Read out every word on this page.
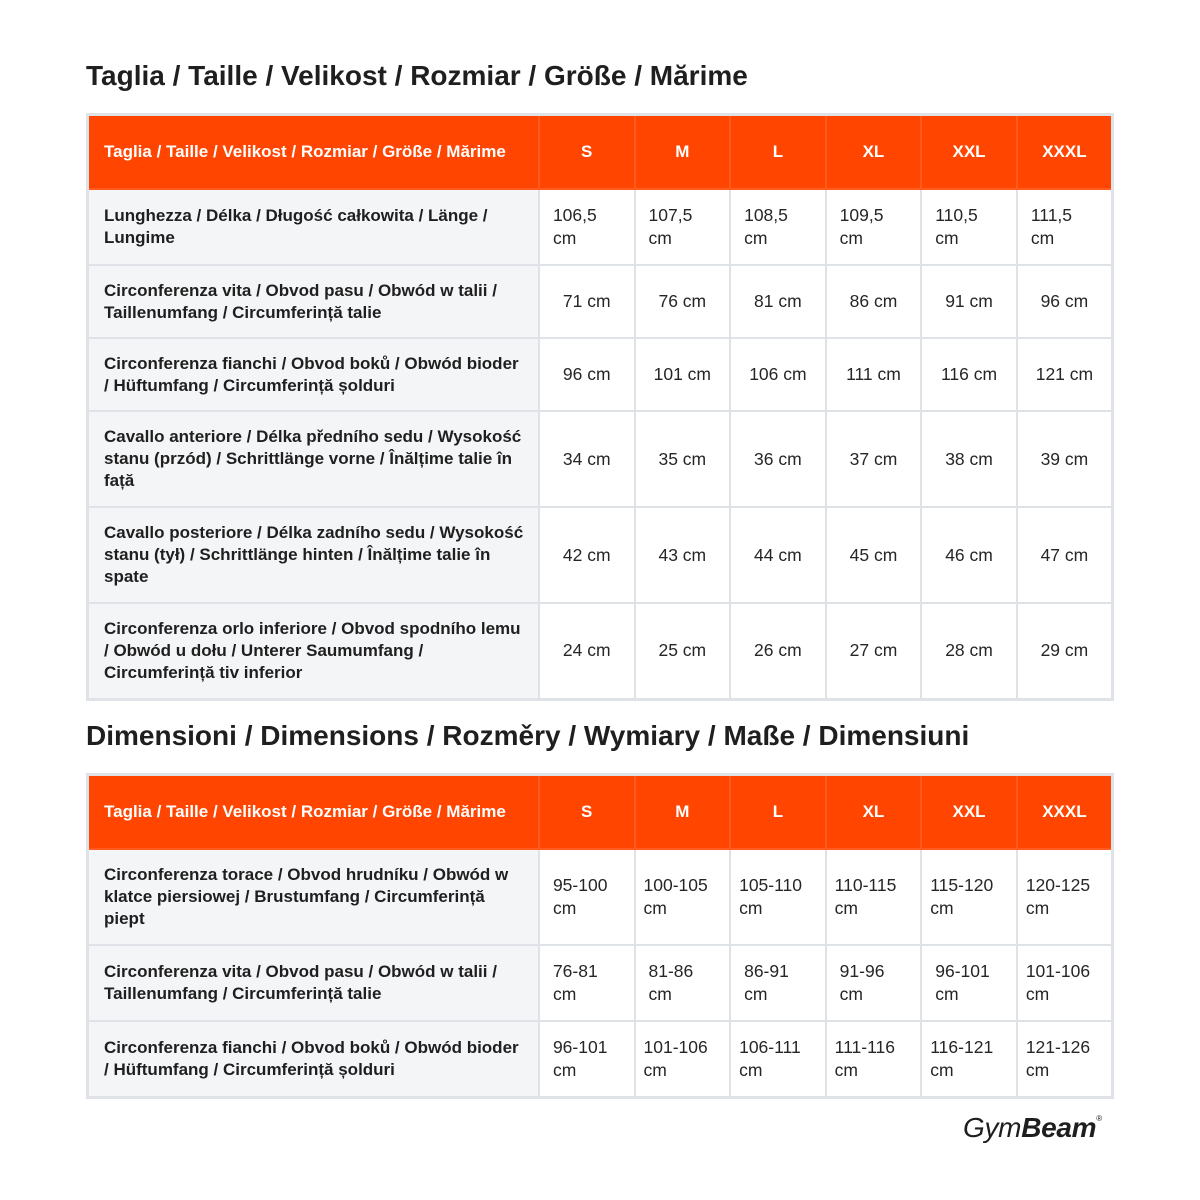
Taglia / Taille / Velikost / Rozmiar / Größe / Mărime
Taglia / Taille / Velikost / Rozmiar / Größe / Mărime	S	M	L	XL	XXL	XXXL
Lunghezza / Délka / Długość całkowita / Länge / Lungime	106,5 cm	107,5 cm	108,5 cm	109,5 cm	110,5 cm	111,5 cm
Circonferenza vita / Obvod pasu / Obwód w talii / Taillenumfang / Circumferință talie	71 cm	76 cm	81 cm	86 cm	91 cm	96 cm
Circonferenza fianchi / Obvod boků / Obwód bioder / Hüftumfang / Circumferință șolduri	96 cm	101 cm	106 cm	111 cm	116 cm	121 cm
Cavallo anteriore / Délka předního sedu / Wysokość stanu (przód) / Schrittlänge vorne / Înălțime talie în față	34 cm	35 cm	36 cm	37 cm	38 cm	39 cm
Cavallo posteriore / Délka zadního sedu / Wysokość stanu (tył) / Schrittlänge hinten / Înălțime talie în spate	42 cm	43 cm	44 cm	45 cm	46 cm	47 cm
Circonferenza orlo inferiore / Obvod spodního lemu / Obwód u dołu / Unterer Saumumfang / Circumferință tiv inferior	24 cm	25 cm	26 cm	27 cm	28 cm	29 cm
Dimensioni / Dimensions / Rozměry / Wymiary / Maße / Dimensiuni
Taglia / Taille / Velikost / Rozmiar / Größe / Mărime	S	M	L	XL	XXL	XXXL
Circonferenza torace / Obvod hrudníku / Obwód w klatce piersiowej / Brustumfang / Circumferință piept	95-100 cm	100-105 cm	105-110 cm	110-115 cm	115-120 cm	120-125 cm
Circonferenza vita / Obvod pasu / Obwód w talii / Taillenumfang / Circumferință talie	76-81 cm	81-86 cm	86-91 cm	91-96 cm	96-101 cm	101-106 cm
Circonferenza fianchi / Obvod boků / Obwód bioder / Hüftumfang / Circumferință șolduri	96-101 cm	101-106 cm	106-111 cm	111-116 cm	116-121 cm	121-126 cm
GymBeam®
